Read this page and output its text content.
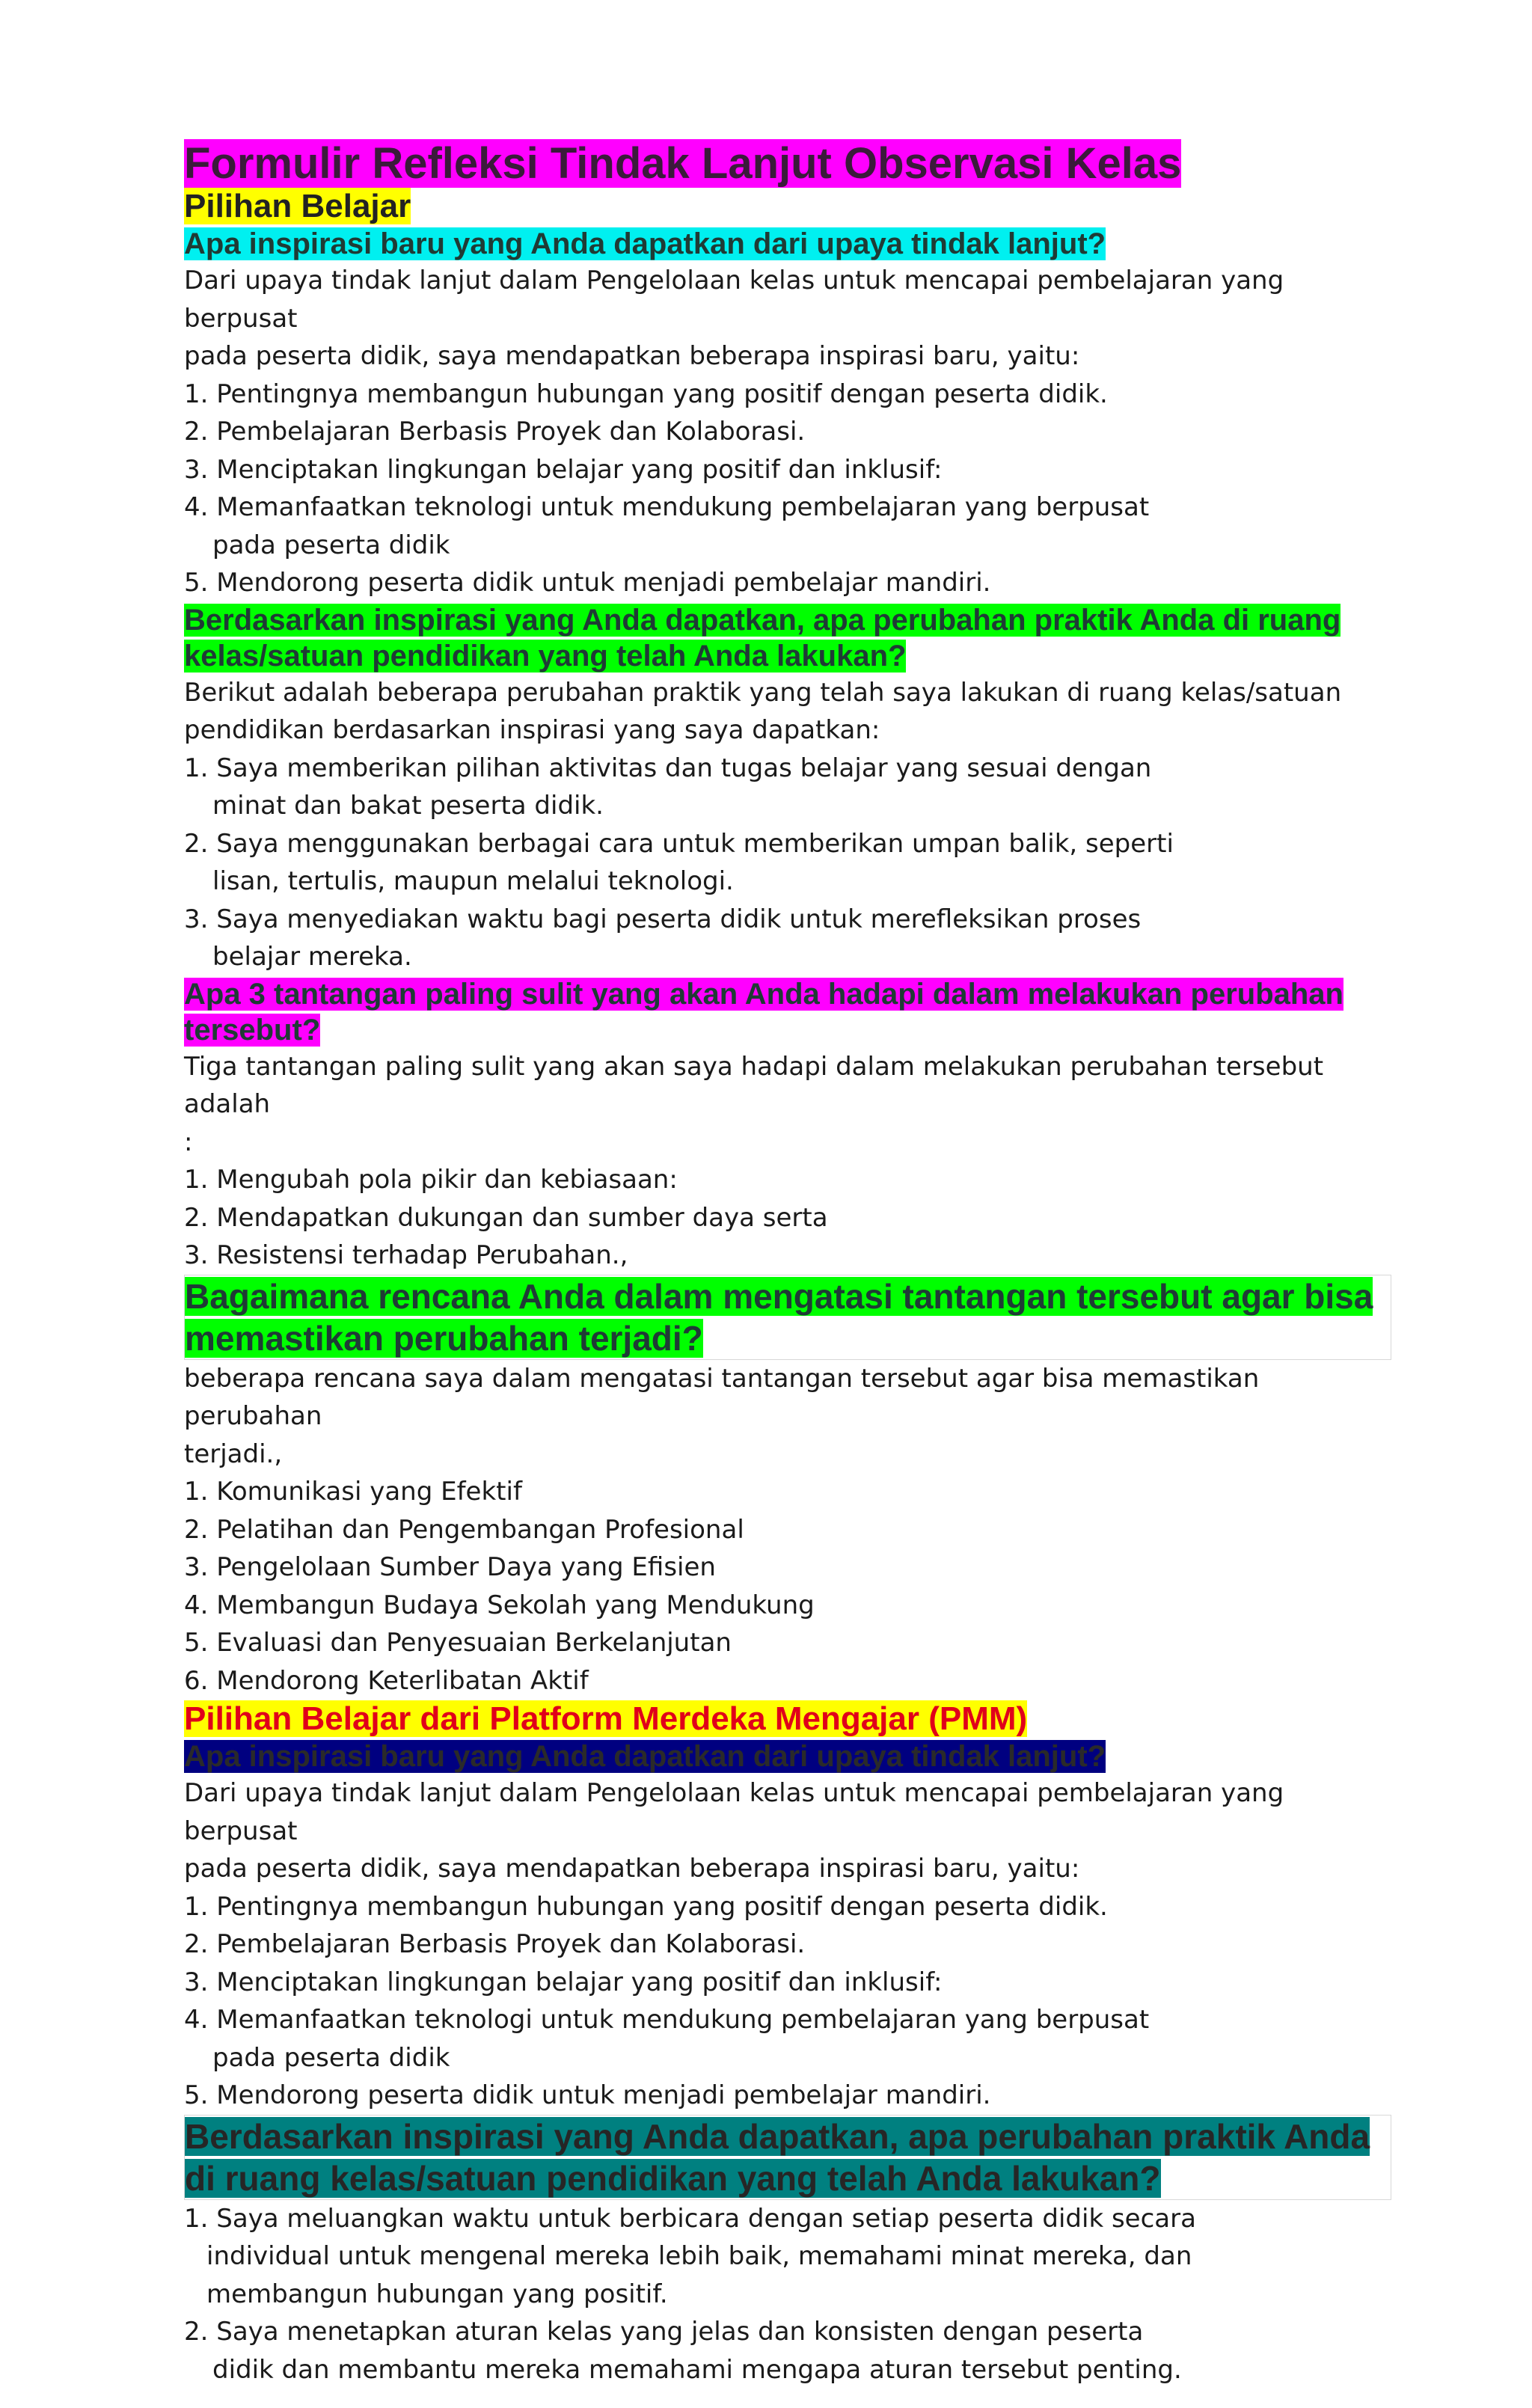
Formulir Refleksi Tindak Lanjut Observasi Kelas

Pilihan Belajar

Apa inspirasi baru yang Anda dapatkan dari upaya tindak lanjut?

Dari upaya tindak lanjut dalam Pengelolaan kelas untuk mencapai pembelajaran yang berpusat

pada peserta didik, saya mendapatkan beberapa inspirasi baru, yaitu:

1. Pentingnya membangun hubungan yang positif dengan peserta didik.

2. Pembelajaran Berbasis Proyek dan Kolaborasi.

3. Menciptakan lingkungan belajar yang positif dan inklusif:

4. Memanfaatkan teknologi untuk mendukung pembelajaran yang berpusat

pada peserta didik

5. Mendorong peserta didik untuk menjadi pembelajar mandiri.

Berdasarkan inspirasi yang Anda dapatkan, apa perubahan praktik Anda di ruang
kelas/satuan pendidikan yang telah Anda lakukan?

Berikut adalah beberapa perubahan praktik yang telah saya lakukan di ruang kelas/satuan

pendidikan berdasarkan inspirasi yang saya dapatkan:

1. Saya memberikan pilihan aktivitas dan tugas belajar yang sesuai dengan

minat dan bakat peserta didik.

2. Saya menggunakan berbagai cara untuk memberikan umpan balik, seperti

lisan, tertulis, maupun melalui teknologi.

3. Saya menyediakan waktu bagi peserta didik untuk merefleksikan proses

belajar mereka.

Apa 3 tantangan paling sulit yang akan Anda hadapi dalam melakukan perubahan
tersebut?

Tiga tantangan paling sulit yang akan saya hadapi dalam melakukan perubahan tersebut adalah

:

1. Mengubah pola pikir dan kebiasaan:

2. Mendapatkan dukungan dan sumber daya serta

3. Resistensi terhadap Perubahan.,

Bagaimana rencana Anda dalam mengatasi tantangan tersebut agar bisa
memastikan perubahan terjadi?

beberapa rencana saya dalam mengatasi tantangan tersebut agar bisa memastikan perubahan

terjadi.,

1. Komunikasi yang Efektif

2. Pelatihan dan Pengembangan Profesional

3. Pengelolaan Sumber Daya yang Efisien

4. Membangun Budaya Sekolah yang Mendukung

5. Evaluasi dan Penyesuaian Berkelanjutan

6. Mendorong Keterlibatan Aktif

Pilihan Belajar dari Platform Merdeka Mengajar (PMM)

Apa inspirasi baru yang Anda dapatkan dari upaya tindak lanjut?

Dari upaya tindak lanjut dalam Pengelolaan kelas untuk mencapai pembelajaran yang berpusat

pada peserta didik, saya mendapatkan beberapa inspirasi baru, yaitu:

1. Pentingnya membangun hubungan yang positif dengan peserta didik.

2. Pembelajaran Berbasis Proyek dan Kolaborasi.

3. Menciptakan lingkungan belajar yang positif dan inklusif:

4. Memanfaatkan teknologi untuk mendukung pembelajaran yang berpusat

pada peserta didik

5. Mendorong peserta didik untuk menjadi pembelajar mandiri.

Berdasarkan inspirasi yang Anda dapatkan, apa perubahan praktik Anda
di ruang kelas/satuan pendidikan yang telah Anda lakukan?

1. Saya meluangkan waktu untuk berbicara dengan setiap peserta didik secara

individual untuk mengenal mereka lebih baik, memahami minat mereka, dan

membangun hubungan yang positif.

2. Saya menetapkan aturan kelas yang jelas dan konsisten dengan peserta

didik dan membantu mereka memahami mengapa aturan tersebut penting.
